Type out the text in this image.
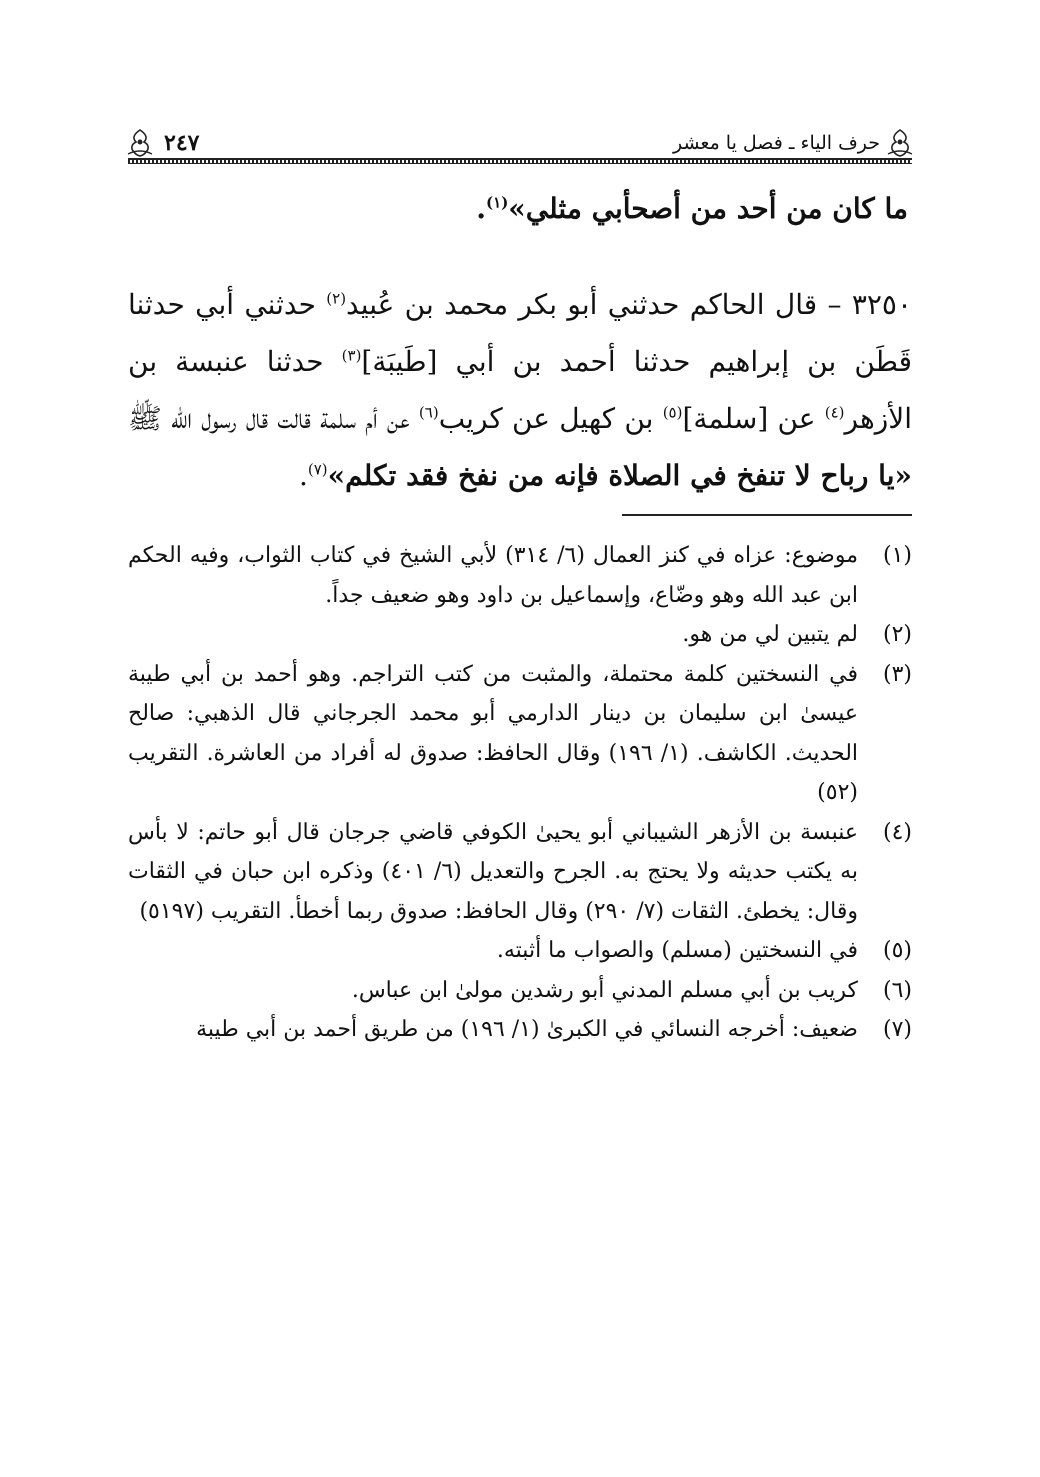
حرف الياء ـ فصل يا معشر
٢٤٧

ما كان من أحد من أصحأبي مثلي»$^{(١)}$.

٣٢٥٠ – قال الحاكم حدثني أبو بكر محمد بن عُبيد$^{(٢)}$ حدثني أبي حدثنا قَطَن بن إبراهيم حدثنا أحمد بن أبي [طَيبَة]$^{(٣)}$ حدثنا عنبسة بن الأزهر$^{(٤)}$ عن [سلمة]$^{(٥)}$ بن كهيل عن كريب$^{(٦)}$ عن أم سلمة قالت قال رسول الله ﷺ «يا رباح لا تنفخ في الصلاة فإنه من نفخ فقد تكلم»$^{(٧)}$.

(١)
موضوع: عزاه في كنز العمال (٦/ ٣١٤) لأبي الشيخ في كتاب الثواب، وفيه الحكم ابن عبد الله وهو وضّاع، وإسماعيل بن داود وهو ضعيف جداً.
(٢)
لم يتبين لي من هو.
(٣)
في النسختين كلمة محتملة، والمثبت من كتب التراجم. وهو أحمد بن أبي طيبة عيسىٰ ابن سليمان بن دينار الدارمي أبو محمد الجرجاني قال الذهبي: صالح الحديث. الكاشف. (١/ ١٩٦) وقال الحافظ: صدوق له أفراد من العاشرة. التقريب (٥٢)
(٤)
عنبسة بن الأزهر الشيباني أبو يحيىٰ الكوفي قاضي جرجان قال أبو حاتم: لا بأس به يكتب حديثه ولا يحتج به. الجرح والتعديل (٦/ ٤٠١) وذكره ابن حبان في الثقات وقال: يخطئ. الثقات (٧/ ٢٩٠) وقال الحافظ: صدوق ربما أخطأ. التقريب (٥١٩٧)
(٥)
في النسختين (مسلم) والصواب ما أثبته.
(٦)
كريب بن أبي مسلم المدني أبو رشدين مولىٰ ابن عباس.
(٧)
ضعيف: أخرجه النسائي في الكبرىٰ (١/ ١٩٦) من طريق أحمد بن أبي طيبة
